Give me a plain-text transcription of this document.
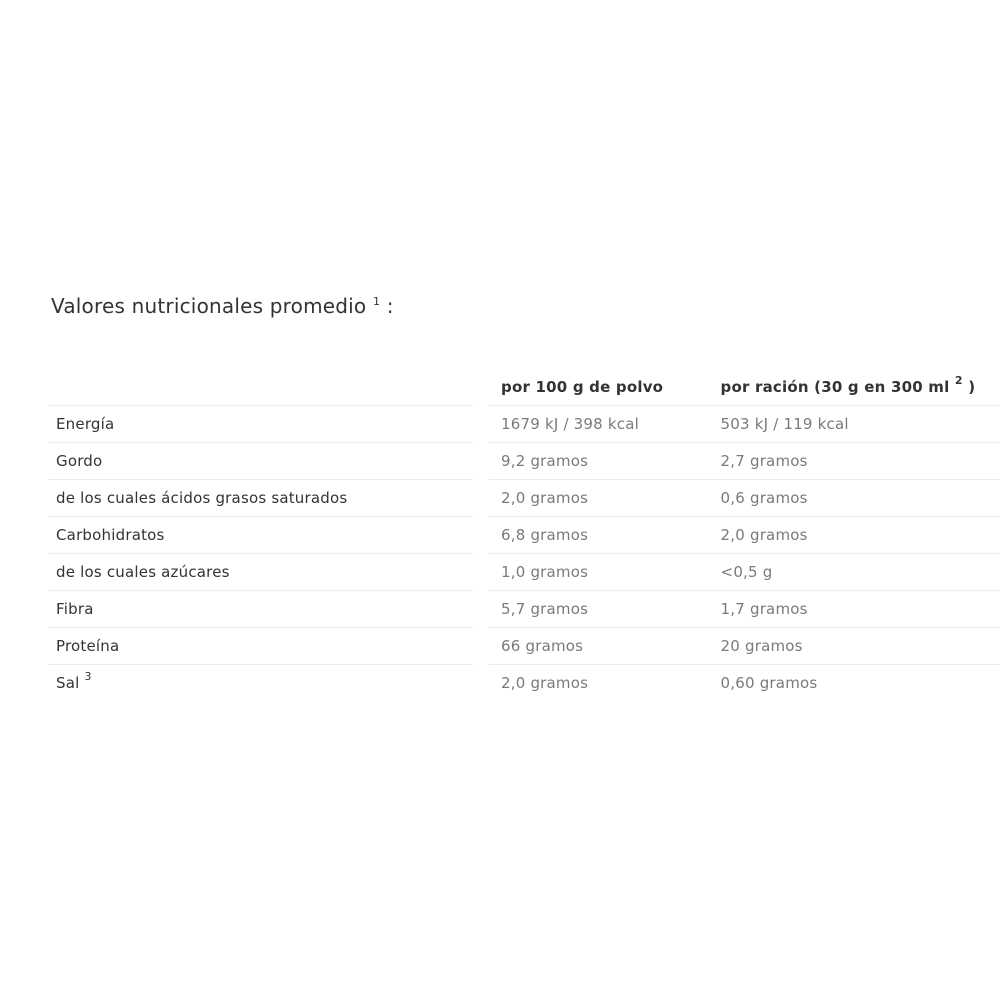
Valores nutricionales promedio $^1$ :
		por 100 g de polvo	por ración (30 g en 300 ml $^2$ )
Energía		1679 kJ / 398 kcal	503 kJ / 119 kcal
Gordo		9,2 gramos	2,7 gramos
de los cuales ácidos grasos saturados		2,0 gramos	0,6 gramos
Carbohidratos		6,8 gramos	2,0 gramos
de los cuales azúcares		1,0 gramos	<0,5 g
Fibra		5,7 gramos	1,7 gramos
Proteína		66 gramos	20 gramos
Sal $^3$		2,0 gramos	0,60 gramos
